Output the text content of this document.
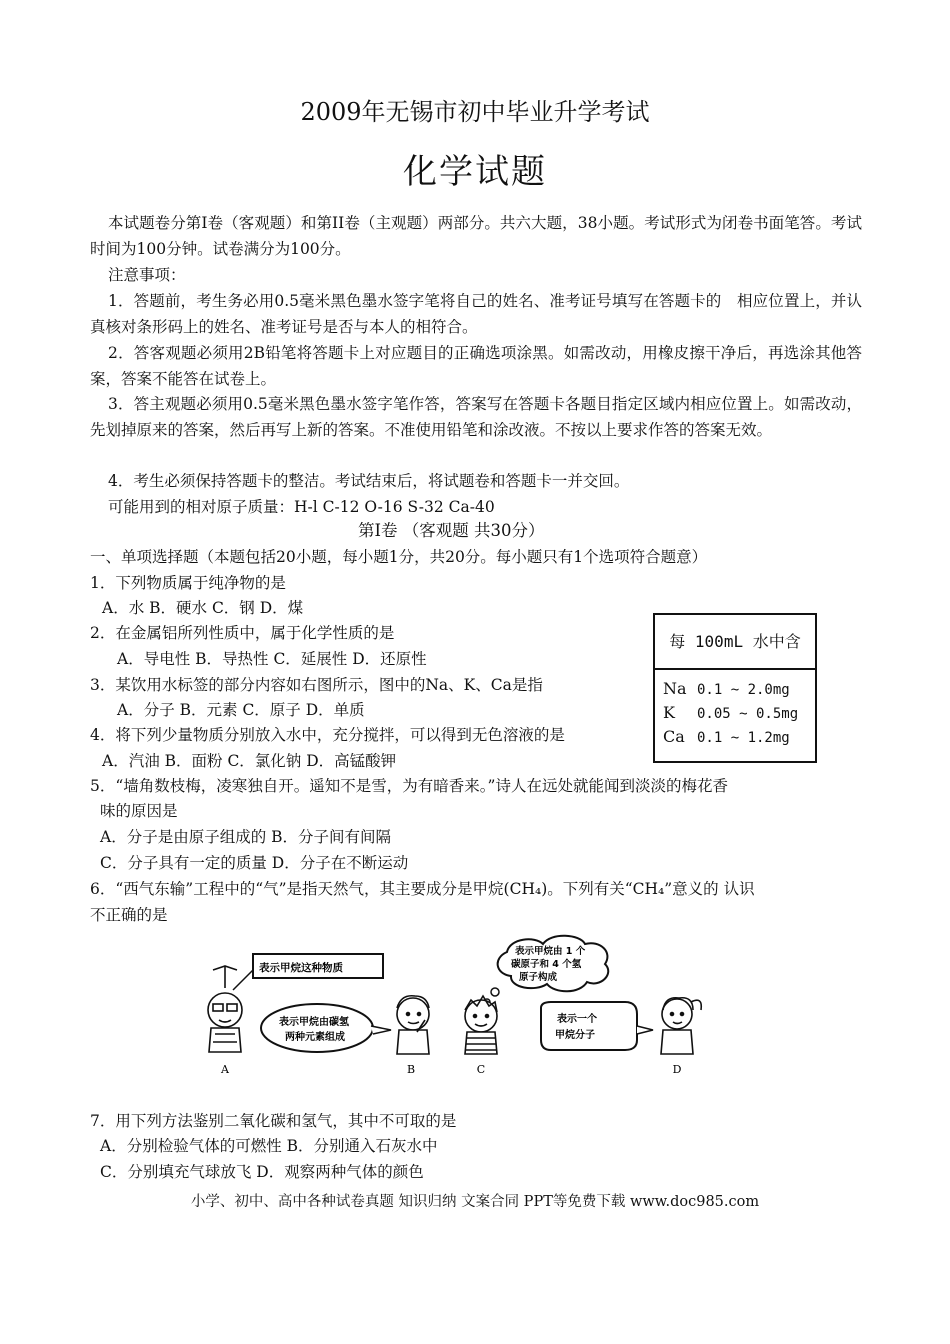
2009年无锡市初中毕业升学考试
化学试题
本试题卷分第Ⅰ卷（客观题）和第II卷（主观题）两部分。共六大题，38小题。考试形式为闭卷书面笔答。考试时间为100分钟。试卷满分为100分。
注意事项：
1．答题前，考生务必用0.5毫米黑色墨水签字笔将自己的姓名、准考证号填写在答题卡的　相应位置上，并认真核对条形码上的姓名、准考证号是否与本人的相符合。
2．答客观题必须用2B铅笔将答题卡上对应题目的正确选项涂黑。如需改动，用橡皮擦干净后，再选涂其他答案，答案不能答在试卷上。
3．答主观题必须用0.5毫米黑色墨水签字笔作答，答案写在答题卡各题目指定区域内相应位置上。如需改动，先划掉原来的答案，然后再写上新的答案。不准使用铅笔和涂改液。不按以上要求作答的答案无效。
4．考生必须保持答题卡的整洁。考试结束后，将试题卷和答题卡一并交回。
可能用到的相对原子质量：H-l C-12 O-16 S-32 Ca-40
第Ⅰ卷 （客观题 共30分）
一、单项选择题（本题包括20小题，每小题1分，共20分。每小题只有1个选项符合题意）
1．下列物质属于纯净物的是
A．水 B．硬水 C．钢 D．煤
2．在金属铝所列性质中，属于化学性质的是
A．导电性 B．导热性 C．延展性 D．还原性
3．某饮用水标签的部分内容如右图所示，图中的Na、K、Ca是指
A．分子 B．元素 C．原子 D．单质
4．将下列少量物质分别放入水中，充分搅拌，可以得到无色溶液的是
A．汽油 B．面粉 C．氯化钠 D．高锰酸钾
每 100mL 水中含
Na 0.1 ~ 2.0mg
K 0.05 ~ 0.5mg
Ca 0.1 ~ 1.2mg
5．“墙角数枝梅，凌寒独自开。遥知不是雪，为有暗香来。”诗人在远处就能闻到淡淡的梅花香
味的原因是
A．分子是由原子组成的 B．分子间有间隔
C．分子具有一定的质量 D．分子在不断运动
6．“西气东输”工程中的“气”是指天然气，其主要成分是甲烷(CH₄)。下列有关“CH₄”意义的 认识
不正确的是
表示甲烷这种物质
表示甲烷由碳氢
两种元素组成
表示甲烷由 1 个
碳原子和 4 个氢
原子构成
表示一个
甲烷分子
A	B	C	D
7．用下列方法鉴别二氧化碳和氢气，其中不可取的是
A．分别检验气体的可燃性 B．分别通入石灰水中
C．分别填充气球放飞 D．观察两种气体的颜色
小学、初中、高中各种试卷真题 知识归纳 文案合同 PPT等免费下载 www.doc985.com
